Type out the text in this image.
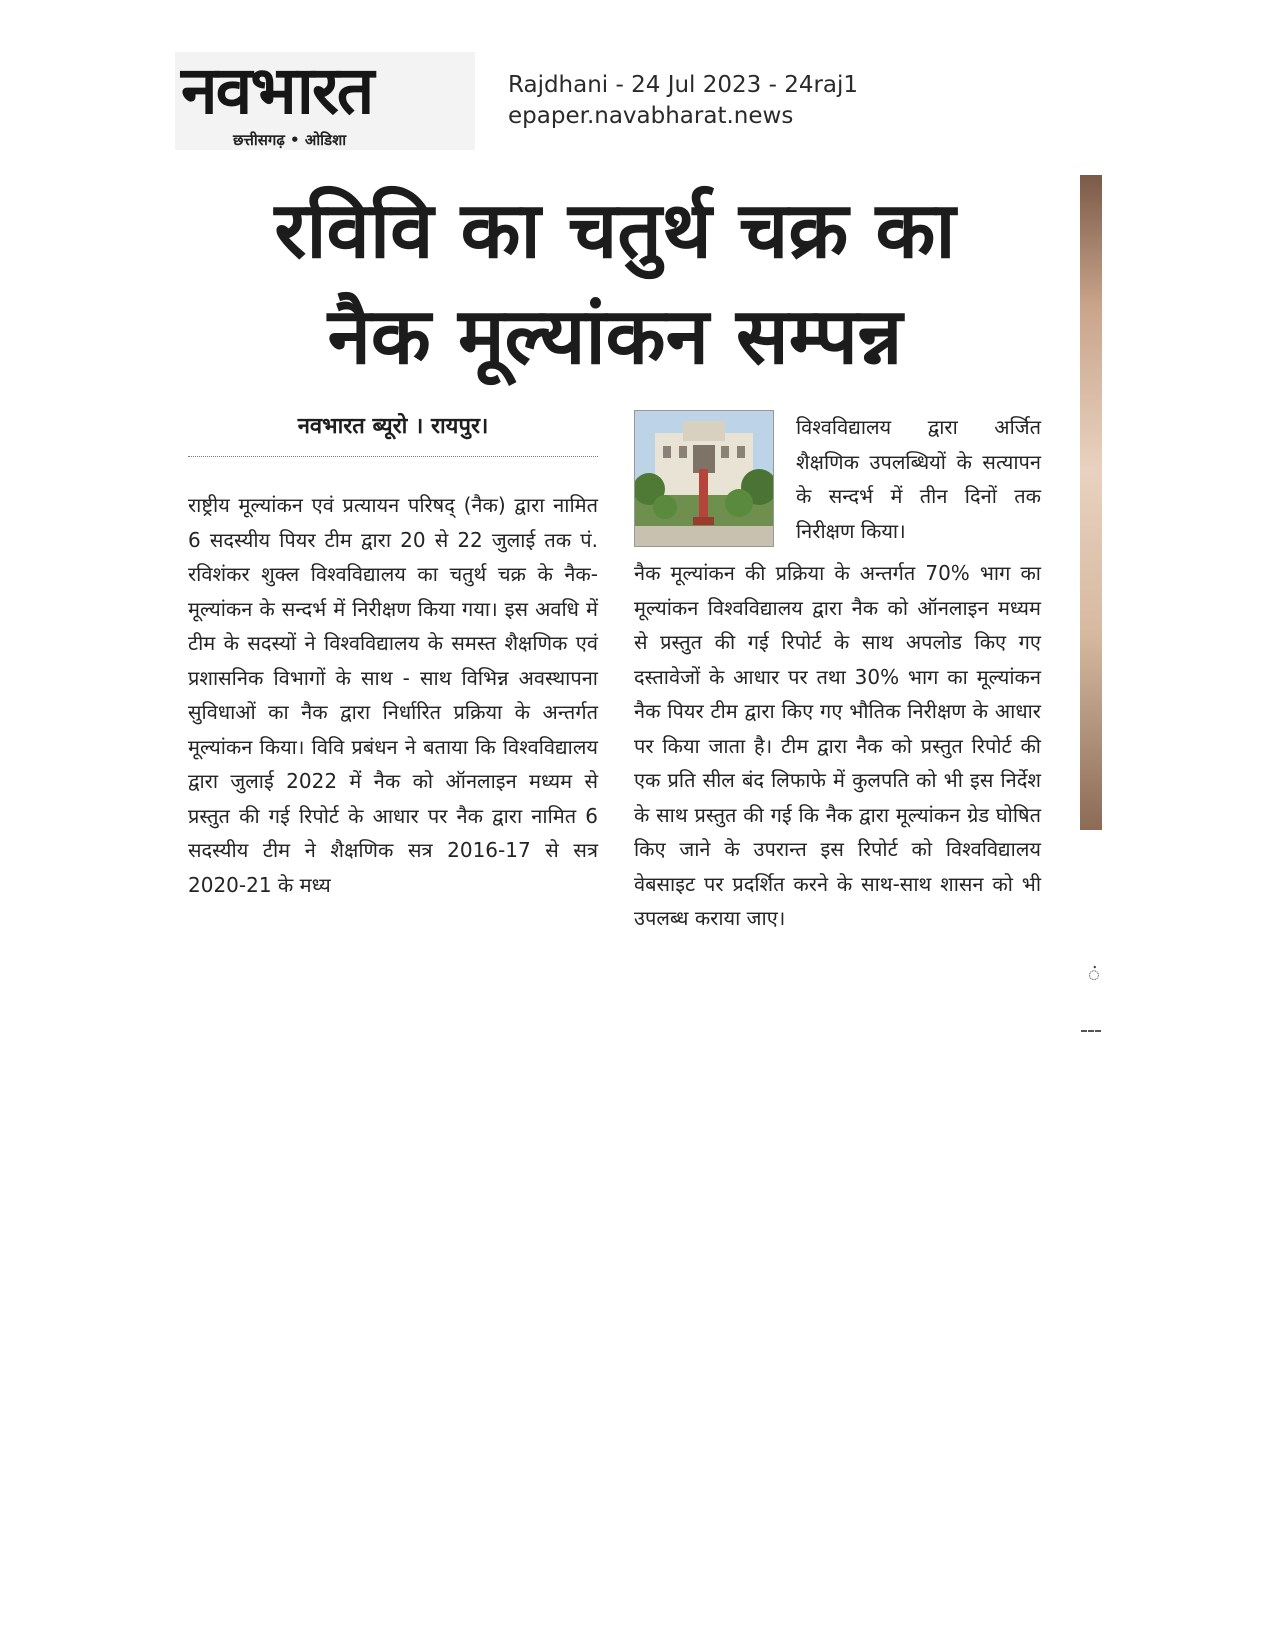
नवभारत
छत्तीसगढ़ • ओडिशा
Rajdhani - 24 Jul 2023 - 24raj1
epaper.navabharat.news
रविवि का चतुर्थ चक्र का
नैक मूल्यांकन सम्पन्न
नवभारत ब्यूरो । रायपुर।
राष्ट्रीय मूल्यांकन एवं प्रत्यायन परिषद् (नैक) द्वारा नामित 6 सदस्यीय पियर टीम द्वारा 20 से 22 जुलाई तक पं. रविशंकर शुक्ल विश्वविद्यालय का चतुर्थ चक्र के नैक-मूल्यांकन के सन्दर्भ में निरीक्षण किया गया। इस अवधि में टीम के सदस्यों ने विश्वविद्यालय के समस्त शैक्षणिक एवं प्रशासनिक विभागों के साथ - साथ विभिन्न अवस्थापना सुविधाओं का नैक द्वारा निर्धारित प्रक्रिया के अन्तर्गत मूल्यांकन किया। विवि प्रबंधन ने बताया कि विश्वविद्यालय द्वारा जुलाई 2022 में नैक को ऑनलाइन मध्यम से प्रस्तुत की गई रिपोर्ट के आधार पर नैक द्वारा नामित 6 सदस्यीय टीम ने शैक्षणिक सत्र 2016-17 से सत्र 2020-21 के मध्य
विश्वविद्यालय द्वारा अर्जित शैक्षणिक उपलब्धियों के सत्यापन के सन्दर्भ में तीन दिनों तक निरीक्षण किया।
नैक मूल्यांकन की प्रक्रिया के अन्तर्गत 70% भाग का मूल्यांकन विश्वविद्यालय द्वारा नैक को ऑनलाइन मध्यम से प्रस्तुत की गई रिपोर्ट के साथ अपलोड किए गए दस्तावेजों के आधार पर तथा 30% भाग का मूल्यांकन नैक पियर टीम द्वारा किए गए भौतिक निरीक्षण के आधार पर किया जाता है। टीम द्वारा नैक को प्रस्तुत रिपोर्ट की एक प्रति सील बंद लिफाफे में कुलपति को भी इस निर्देश के साथ प्रस्तुत की गई कि नैक द्वारा मूल्यांकन ग्रेड घोषित किए जाने के उपरान्त इस रिपोर्ट को विश्वविद्यालय वेबसाइट पर प्रदर्शित करने के साथ-साथ शासन को भी उपलब्ध कराया जाए।
ं
